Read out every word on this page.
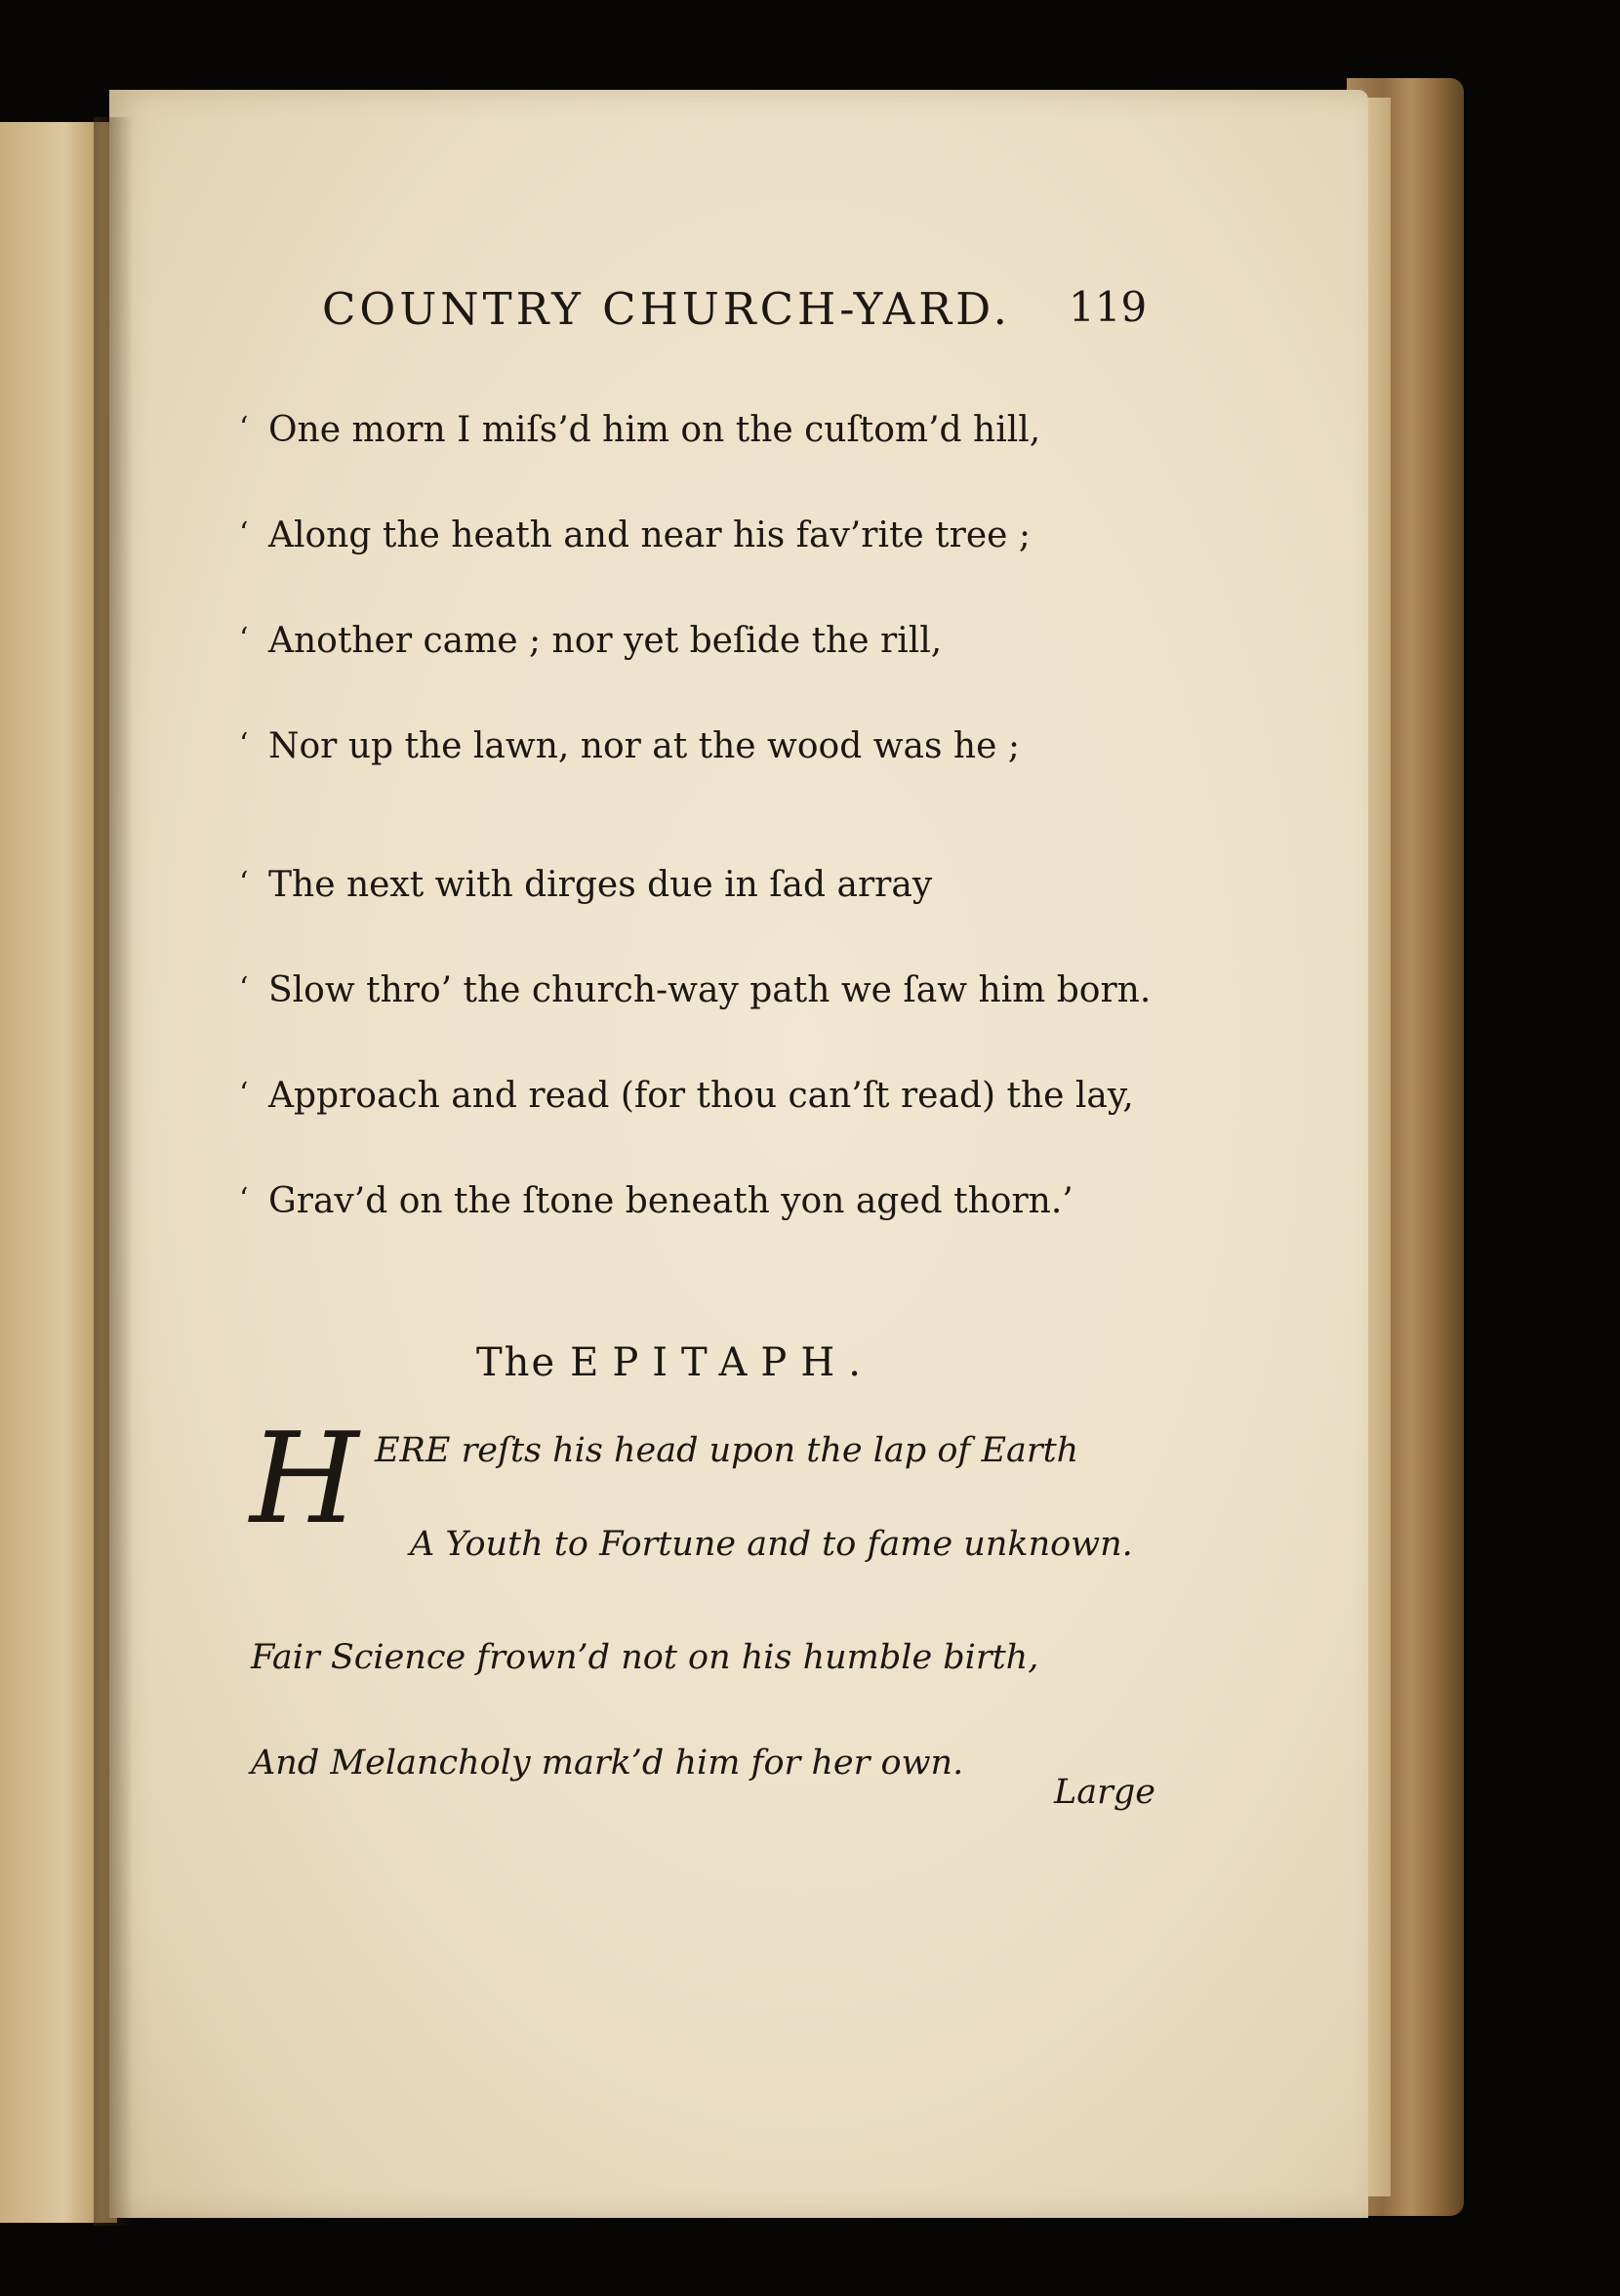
COUNTRY CHURCH-YARD. 119

‘ One morn I miſs’d him on the cuſtom’d hill,

‘ Along the heath and near his fav’rite tree ;

‘ Another came ; nor yet beſide the rill,

‘ Nor up the lawn, nor at the wood was he ;

‘ The next with dirges due in ſad array

‘ Slow thro’ the church-way path we ſaw him born.

‘ Approach and read (for thou can’ſt read) the lay,

‘ Grav’d on the ſtone beneath yon aged thorn.’

The EPITAPH.

H ERE reſts his head upon the lap of Earth

A Youth to Fortune and to fame unknown.

Fair Science frown’d not on his humble birth,

And Melancholy mark’d him for her own.

Large
